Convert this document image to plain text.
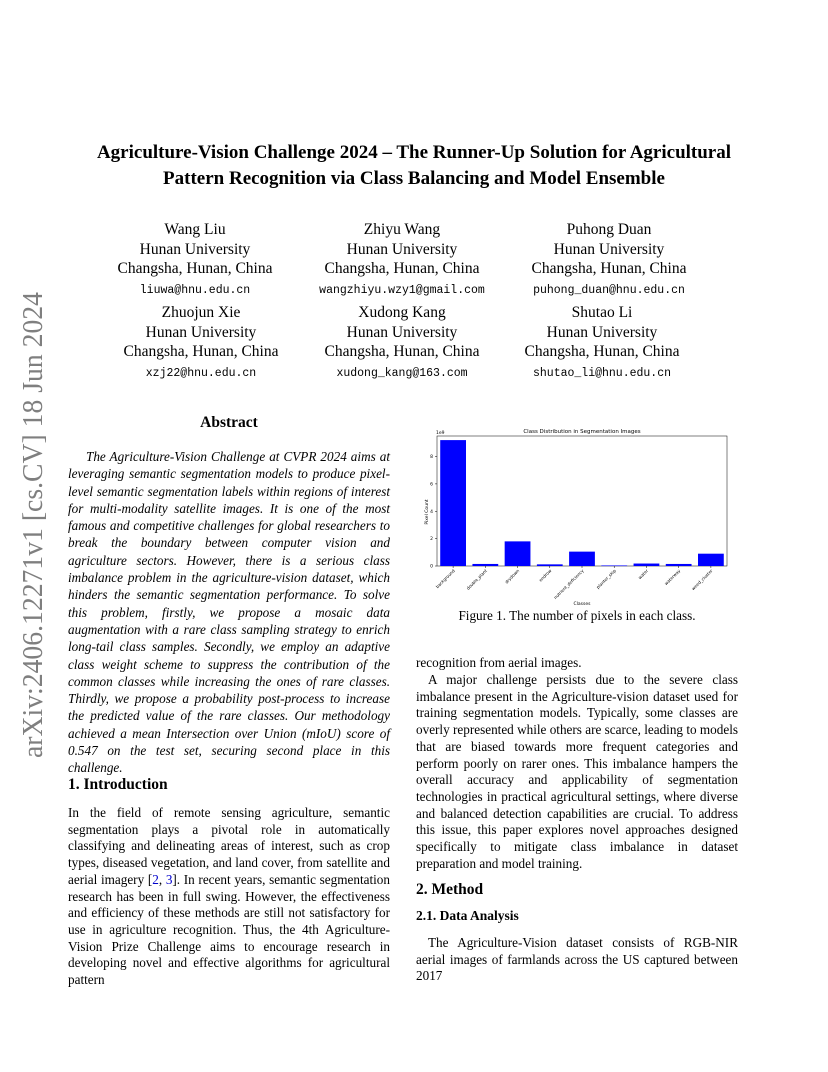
arXiv:2406.12271v1 [cs.CV] 18 Jun 2024
Agriculture-Vision Challenge 2024 – The Runner-Up Solution for Agricultural
Pattern Recognition via Class Balancing and Model Ensemble
Wang Liu
Hunan University
Changsha, Hunan, China
liuwa@hnu.edu.cn
Zhiyu Wang
Hunan University
Changsha, Hunan, China
wangzhiyu.wzy1@gmail.com
Puhong Duan
Hunan University
Changsha, Hunan, China
puhong_duan@hnu.edu.cn
Zhuojun Xie
Hunan University
Changsha, Hunan, China
xzj22@hnu.edu.cn
Xudong Kang
Hunan University
Changsha, Hunan, China
xudong_kang@163.com
Shutao Li
Hunan University
Changsha, Hunan, China
shutao_li@hnu.edu.cn
Abstract

The Agriculture-Vision Challenge at CVPR 2024 aims at leveraging semantic segmentation models to produce pixel-level semantic segmentation labels within regions of interest for multi-modality satellite images. It is one of the most famous and competitive challenges for global researchers to break the boundary between computer vision and agriculture sectors. However, there is a serious class imbalance problem in the agriculture-vision dataset, which hinders the semantic segmentation performance. To solve this problem, firstly, we propose a mosaic data augmentation with a rare class sampling strategy to enrich long-tail class samples. Secondly, we employ an adaptive class weight scheme to suppress the contribution of the common classes while increasing the ones of rare classes. Thirdly, we propose a probability post-process to increase the predicted value of the rare classes. Our methodology achieved a mean Intersection over Union (mIoU) score of 0.547 on the test set, securing second place in this challenge.

1. Introduction

In the field of remote sensing agriculture, semantic segmentation plays a pivotal role in automatically classifying and delineating areas of interest, such as crop types, diseased vegetation, and land cover, from satellite and aerial imagery [2, 3]. In recent years, semantic segmentation research has been in full swing. However, the effectiveness and efficiency of these methods are still not satisfactory for use in agriculture recognition. Thus, the 4th Agriculture-Vision Prize Challenge aims to encourage research in developing novel and effective algorithms for agricultural pattern

Class Distribution in Segmentation Images
1e9
Pixel Count
Classes
0
2
4
6
8
background double_plant	drydown	endrow nutrient_deficiency	planter_skip	water	waterway weed_cluster

Figure 1. The number of pixels in each class.

recognition from aerial images.

A major challenge persists due to the severe class imbalance present in the Agriculture-vision dataset used for training segmentation models. Typically, some classes are overly represented while others are scarce, leading to models that are biased towards more frequent categories and perform poorly on rarer ones. This imbalance hampers the overall accuracy and applicability of segmentation technologies in practical agricultural settings, where diverse and balanced detection capabilities are crucial. To address this issue, this paper explores novel approaches designed specifically to mitigate class imbalance in dataset preparation and model training.

2. Method
2.1. Data Analysis

The Agriculture-Vision dataset consists of RGB-NIR aerial images of farmlands across the US captured between 2017
